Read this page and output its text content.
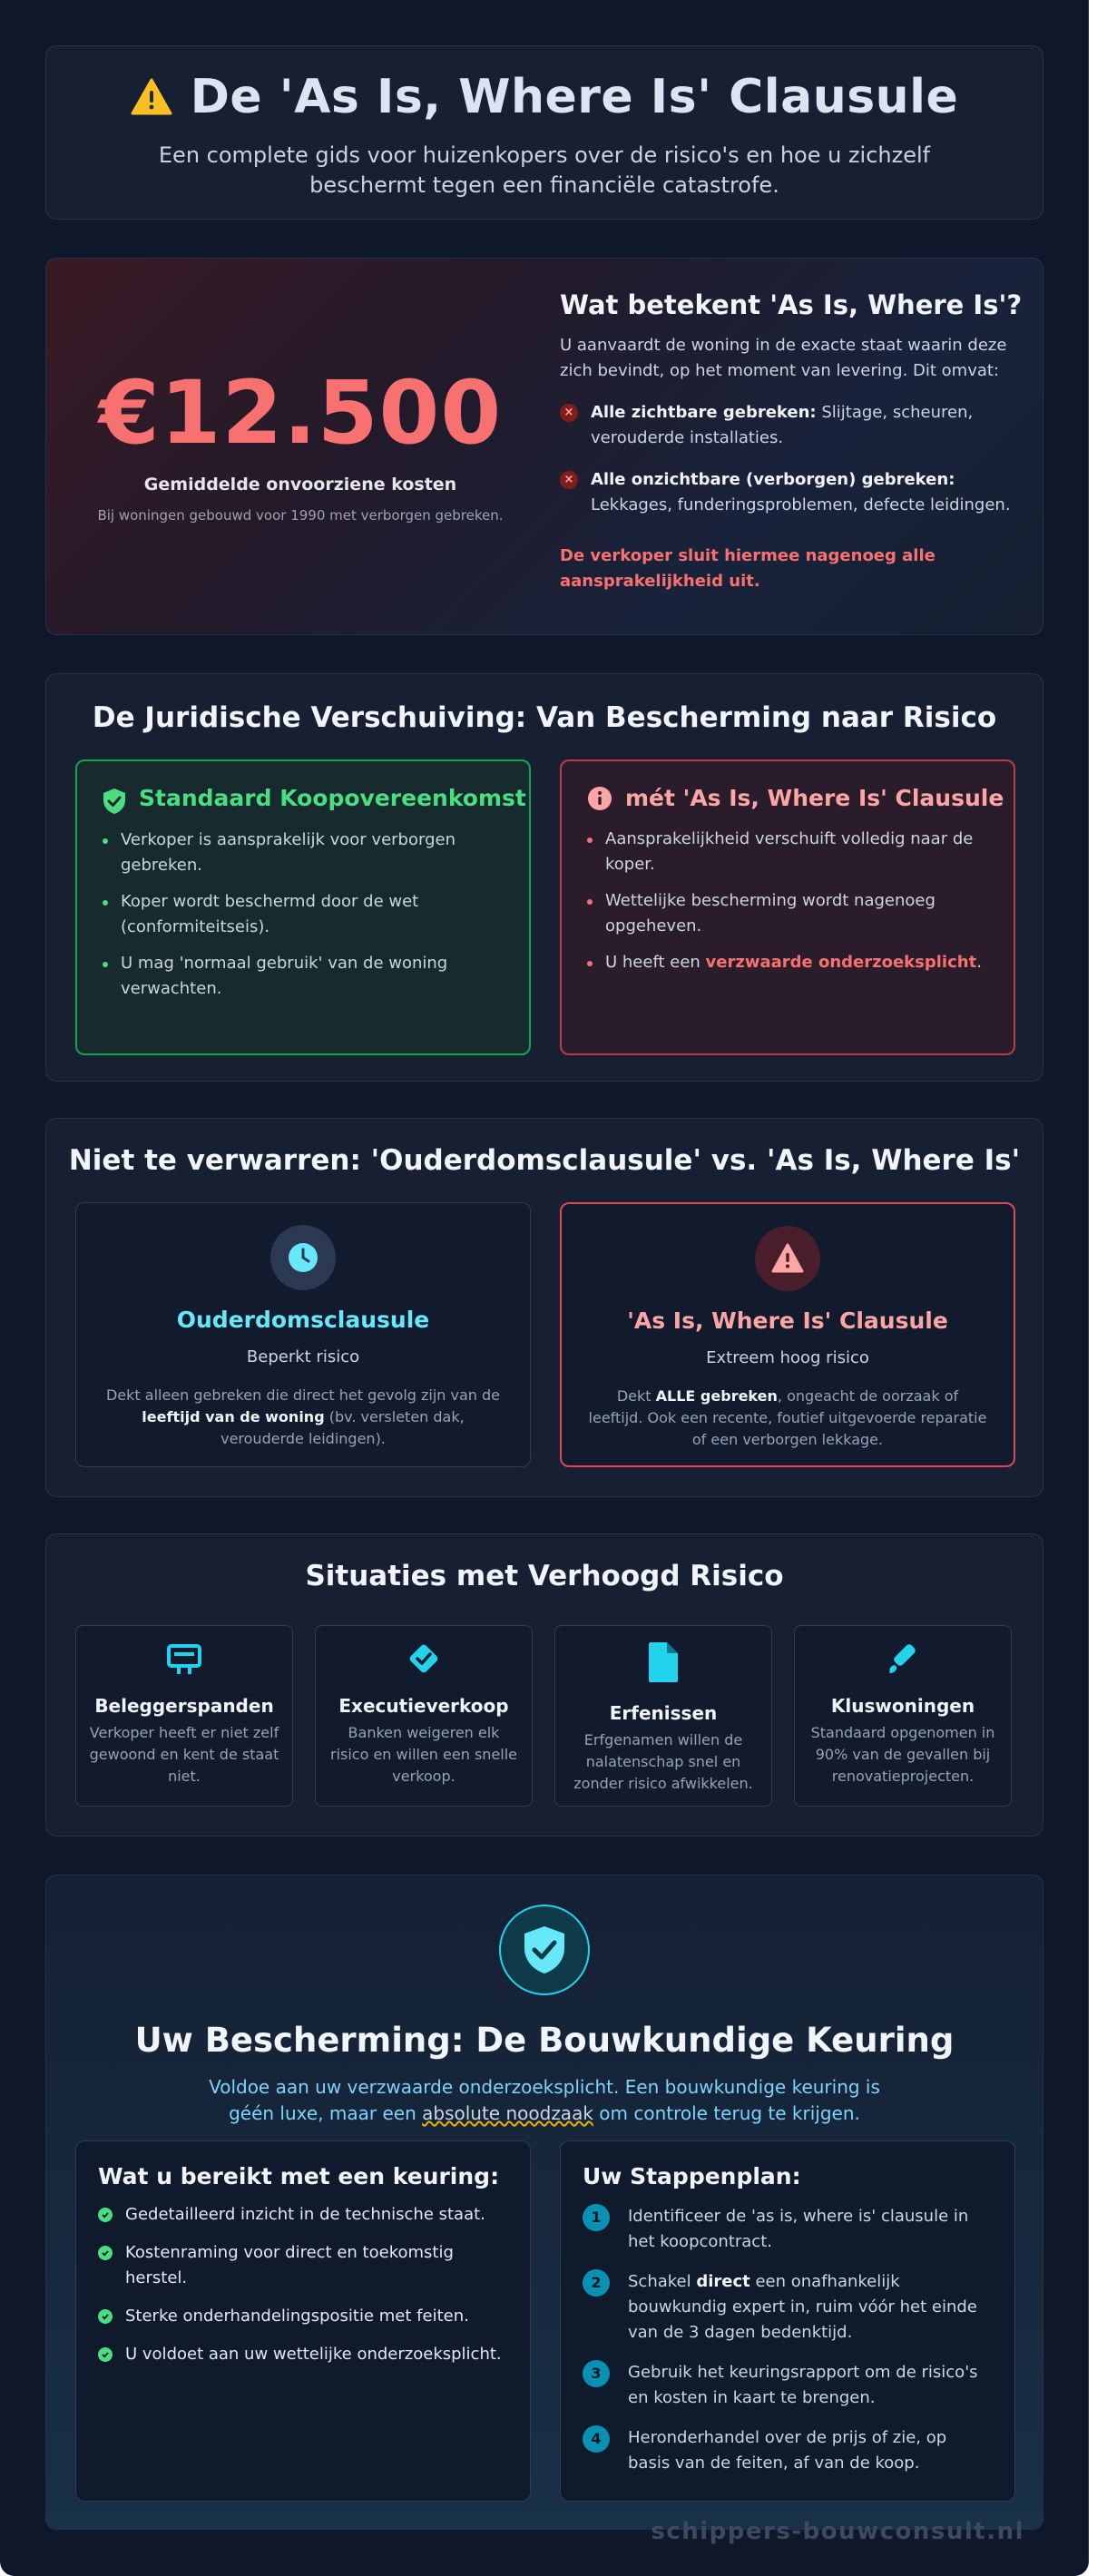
De 'As Is, Where Is' Clausule

Een complete gids voor huizenkopers over de risico's en hoe u zichzelf beschermt tegen een financiële catastrofe.

€12.500
Gemiddelde onvoorziene kosten
Bij woningen gebouwd voor 1990 met verborgen gebreken.
Wat betekent 'As Is, Where Is'?

U aanvaardt de woning in de exacte staat waarin deze zich bevindt, op het moment van levering. Dit omvat:

× Alle zichtbare gebreken: Slijtage, scheuren, verouderde installaties.
× Alle onzichtbare (verborgen) gebreken: Lekkages, funderingsproblemen, defecte leidingen.

De verkoper sluit hiermee nagenoeg alle aansprakelijkheid uit.

De Juridische Verschuiving: Van Bescherming naar Risico
Standaard Koopovereenkomst
Verkoper is aansprakelijk voor verborgen gebreken.
Koper wordt beschermd door de wet (conformiteitseis).
U mag 'normaal gebruik' van de woning verwachten.
mét 'As Is, Where Is' Clausule
Aansprakelijkheid verschuift volledig naar de koper.
Wettelijke bescherming wordt nagenoeg opgeheven.
U heeft een verzwaarde onderzoeksplicht.
Niet te verwarren: 'Ouderdomsclausule' vs. 'As Is, Where Is'
Ouderdomsclausule
Beperkt risico

Dekt alleen gebreken die direct het gevolg zijn van de leeftijd van de woning (bv. versleten dak, verouderde leidingen).

'As Is, Where Is' Clausule
Extreem hoog risico

Dekt ALLE gebreken, ongeacht de oorzaak of leeftijd. Ook een recente, foutief uitgevoerde reparatie of een verborgen lekkage.

Situaties met Verhoogd Risico
Beleggerspanden

Verkoper heeft er niet zelf gewoond en kent de staat niet.

Executieverkoop

Banken weigeren elk risico en willen een snelle verkoop.

Erfenissen

Erfgenamen willen de nalatenschap snel en zonder risico afwikkelen.

Kluswoningen

Standaard opgenomen in 90% van de gevallen bij renovatieprojecten.

Uw Bescherming: De Bouwkundige Keuring

Voldoe aan uw verzwaarde onderzoeksplicht. Een bouwkundige keuring is géén luxe, maar een absolute noodzaak om controle terug te krijgen.

Wat u bereikt met een keuring:
Gedetailleerd inzicht in de technische staat.
Kostenraming voor direct en toekomstig herstel.
Sterke onderhandelingspositie met feiten.
U voldoet aan uw wettelijke onderzoeksplicht.
Uw Stappenplan:
1	Identificeer de 'as is, where is' clausule in het koopcontract.
2	Schakel direct een onafhankelijk bouwkundig expert in, ruim vóór het einde van de 3 dagen bedenktijd.
3	Gebruik het keuringsrapport om de risico's en kosten in kaart te brengen.
4	Heronderhandel over de prijs of zie, op basis van de feiten, af van de koop.
schippers-bouwconsult.nl
